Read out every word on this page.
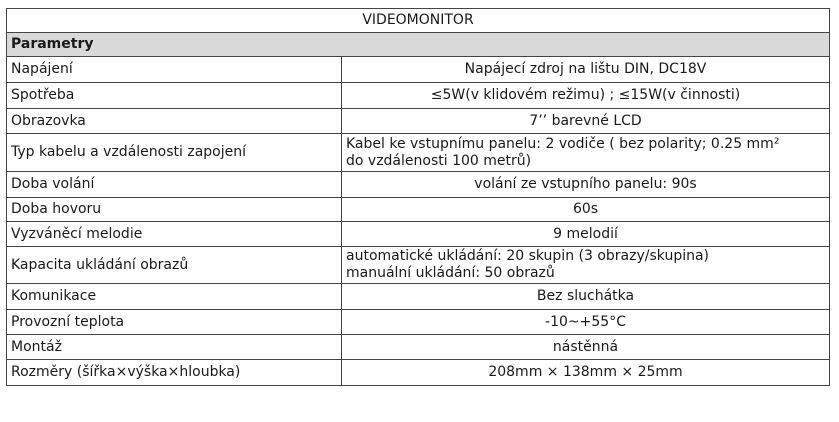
VIDEOMONITOR	
Parametry	
Napájení	Napájecí zdroj na lištu DIN, DC18V
Spotřeba	≤5W(v klidovém režimu) ; ≤15W(v činnosti)
Obrazovka	7’’ barevné LCD
Typ kabelu a vzdálenosti zapojení	Kabel ke vstupnímu panelu: 2 vodiče ( bez polarity; 0.25 mm²
do vzdálenosti 100 metrů)

Doba volání	volání ze vstupního panelu: 90s
Doba hovoru	60s
Vyzváněcí melodie	9 melodií
Kapacita ukládání obrazů	automatické ukládání: 20 skupin (3 obrazy/skupina)
manuální ukládání: 50 obrazů

Komunikace	Bez sluchátka
Provozní teplota	-10~+55°C
Montáž	nástěnná
Rozměry (šířka×výška×hloubka)	208mm × 138mm × 25mm
